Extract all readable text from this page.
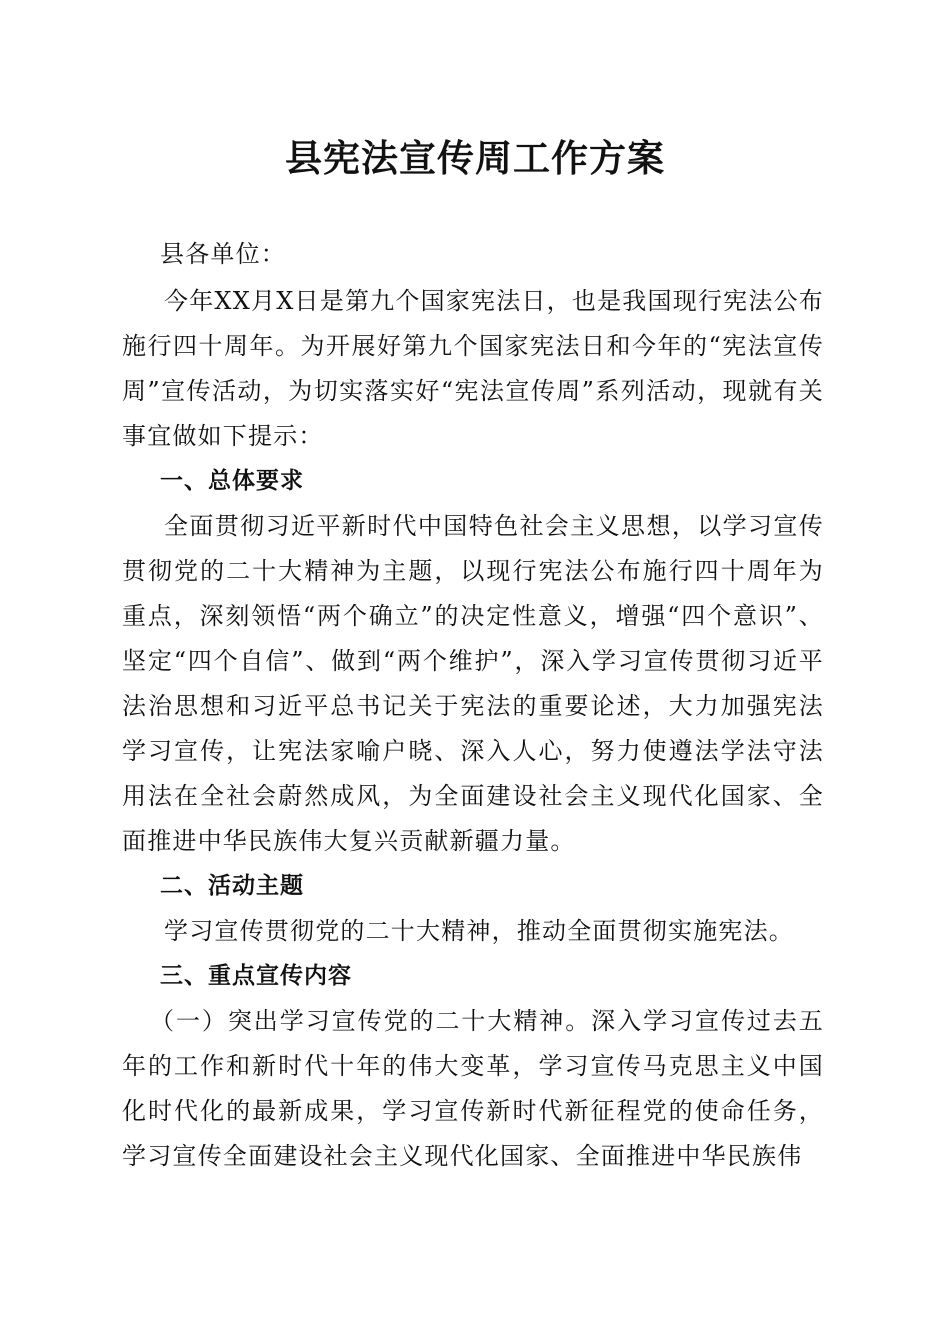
县宪法宣传周工作方案

县各单位：

今年XX月X日是第九个国家宪法日，也是我国现行宪法公布施行四十周年。为开展好第九个国家宪法日和今年的“宪法宣传周”宣传活动，为切实落实好“宪法宣传周”系列活动，现就有关事宜做如下提示：

一、总体要求

全面贯彻习近平新时代中国特色社会主义思想，以学习宣传贯彻党的二十大精神为主题，以现行宪法公布施行四十周年为重点，深刻领悟“两个确立”的决定性意义，增强“四个意识”、坚定“四个自信”、做到“两个维护”，深入学习宣传贯彻习近平法治思想和习近平总书记关于宪法的重要论述，大力加强宪法学习宣传，让宪法家喻户晓、深入人心，努力使遵法学法守法用法在全社会蔚然成风，为全面建设社会主义现代化国家、全面推进中华民族伟大复兴贡献新疆力量。

二、活动主题

学习宣传贯彻党的二十大精神，推动全面贯彻实施宪法。

三、重点宣传内容

（一）突出学习宣传党的二十大精神。深入学习宣传过去五年的工作和新时代十年的伟大变革，学习宣传马克思主义中国化时代化的最新成果，学习宣传新时代新征程党的使命任务，学习宣传全面建设社会主义现代化国家、全面推进中华民族伟
